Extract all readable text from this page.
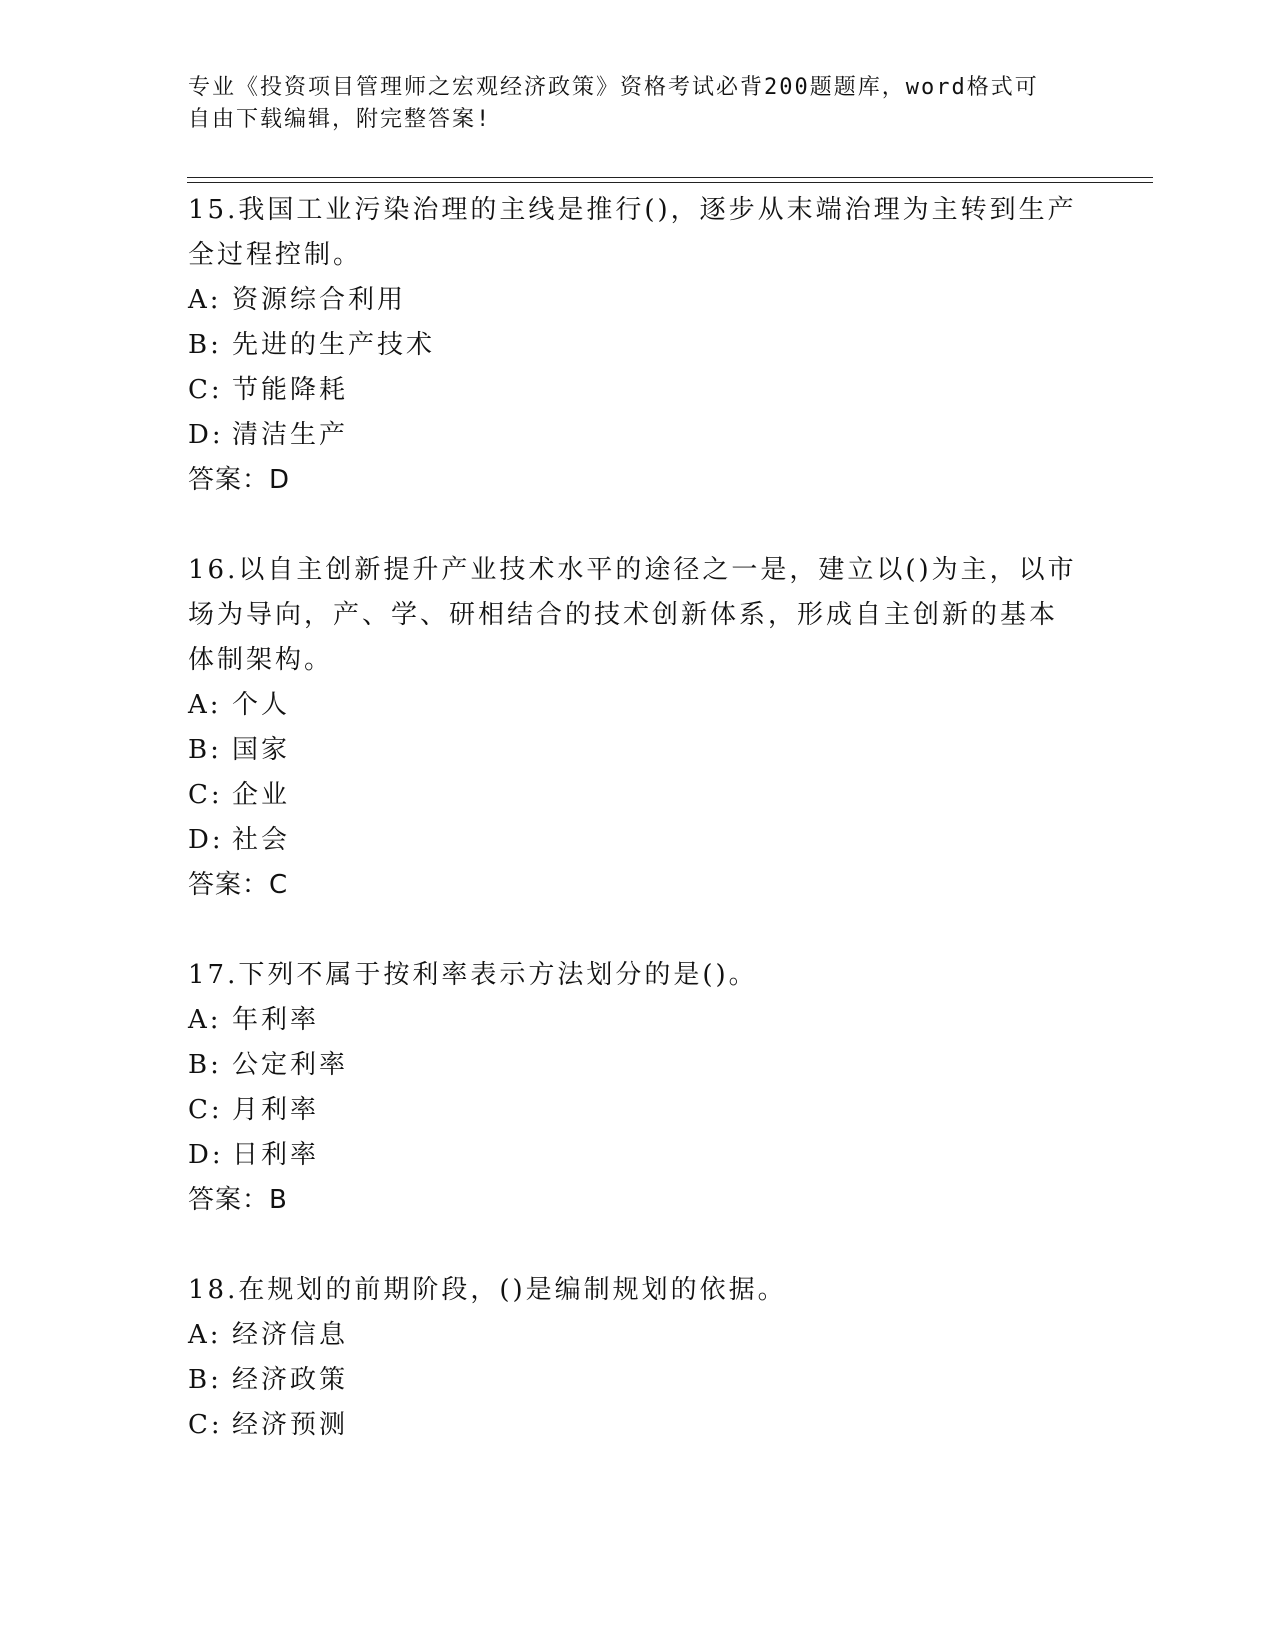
专业《投资项目管理师之宏观经济政策》资格考试必背200题题库，word格式可
自由下载编辑，附完整答案!

15.我国工业污染治理的主线是推行()，逐步从末端治理为主转到生产全过程控制。

A: 资源综合利用

B: 先进的生产技术

C: 节能降耗

D: 清洁生产

答案：D

16.以自主创新提升产业技术水平的途径之一是，建立以()为主，以市场为导向，产、学、研相结合的技术创新体系，形成自主创新的基本体制架构。

A: 个人

B: 国家

C: 企业

D: 社会

答案：C

17.下列不属于按利率表示方法划分的是()。

A: 年利率

B: 公定利率

C: 月利率

D: 日利率

答案：B

18.在规划的前期阶段，()是编制规划的依据。

A: 经济信息

B: 经济政策

C: 经济预测
